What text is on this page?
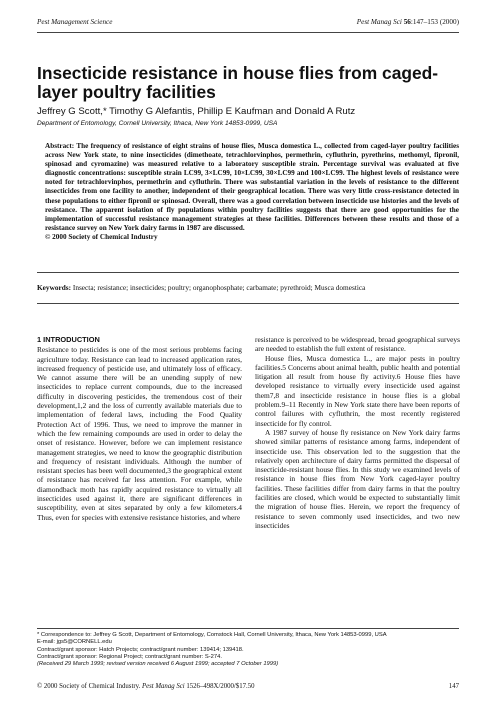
Pest Management Science	Pest Manag Sci 56:147–153 (2000)
Insecticide resistance in house flies from caged-layer poultry facilities
Jeffrey G Scott,* Timothy G Alefantis, Phillip E Kaufman and Donald A Rutz
Department of Entomology, Cornell University, Ithaca, New York 14853-0999, USA
Abstract: The frequency of resistance of eight strains of house flies, Musca domestica L., collected from caged-layer poultry facilities across New York state, to nine insecticides (dimethoate, tetrachlorvinphos, permethrin, cyfluthrin, pyrethrins, methomyl, fipronil, spinosad and cyromazine) was measured relative to a laboratory susceptible strain. Percentage survival was evaluated at five diagnostic concentrations: susceptible strain LC99, 3×LC99, 10×LC99, 30×LC99 and 100×LC99. The highest levels of resistance were noted for tetrachlorvinphos, permethrin and cyfluthrin. There was substantial variation in the levels of resistance to the different insecticides from one facility to another, independent of their geographical location. There was very little cross-resistance detected in these populations to either fipronil or spinosad. Overall, there was a good correlation between insecticide use histories and the levels of resistance. The apparent isolation of fly populations within poultry facilities suggests that there are good opportunities for the implementation of successful resistance management strategies at these facilities. Differences between these results and those of a resistance survey on New York dairy farms in 1987 are discussed.
© 2000 Society of Chemical Industry
Keywords: Insecta; resistance; insecticides; poultry; organophosphate; carbamate; pyrethroid; Musca domestica
1 INTRODUCTION

Resistance to pesticides is one of the most serious problems facing agriculture today. Resistance can lead to increased application rates, increased frequency of pesticide use, and ultimately loss of efficacy. We cannot assume there will be an unending supply of new insecticides to replace current compounds, due to the increased difficulty in discovering pesticides, the tremendous cost of their development,1,2 and the loss of currently available materials due to implementation of federal laws, including the Food Quality Protection Act of 1996. Thus, we need to improve the manner in which the few remaining compounds are used in order to delay the onset of resistance. However, before we can implement resistance management strategies, we need to know the geographic distribution and frequency of resistant individuals. Although the number of resistant species has been well documented,3 the geographical extent of resistance has received far less attention. For example, while diamondback moth has rapidly acquired resistance to virtually all insecticides used against it, there are significant differences in susceptibility, even at sites separated by only a few kilometers.4 Thus, even for species with extensive resistance histories, and where

resistance is perceived to be widespread, broad geographical surveys are needed to establish the full extent of resistance.

House flies, Musca domestica L., are major pests in poultry facilities.5 Concerns about animal health, public health and potential litigation all result from house fly activity.6 House flies have developed resistance to virtually every insecticide used against them7,8 and insecticide resistance in house flies is a global problem.9–11 Recently in New York state there have been reports of control failures with cyfluthrin, the most recently registered insecticide for fly control.

A 1987 survey of house fly resistance on New York dairy farms showed similar patterns of resistance among farms, independent of insecticide use. This observation led to the suggestion that the relatively open architecture of dairy farms permitted the dispersal of insecticide-resistant house flies. In this study we examined levels of resistance in house flies from New York caged-layer poultry facilities. These facilities differ from dairy farms in that the poultry facilities are closed, which would be expected to substantially limit the migration of house flies. Herein, we report the frequency of resistance to seven commonly used insecticides, and two new insecticides

* Correspondence to: Jeffrey G Scott, Department of Entomology, Comstock Hall, Cornell University, Ithaca, New York 14853-0999, USA
E-mail: jgs5@CORNELL.edu
Contract/grant sponsor: Hatch Projects; contract/grant number: 139414; 139418.
Contract/grant sponsor: Regional Project; contract/grant number: S-274.
(Received 29 March 1999; revised version received 6 August 1999; accepted 7 October 1999)
© 2000 Society of Chemical Industry. Pest Manag Sci 1526–498X/2000/$17.50	147
